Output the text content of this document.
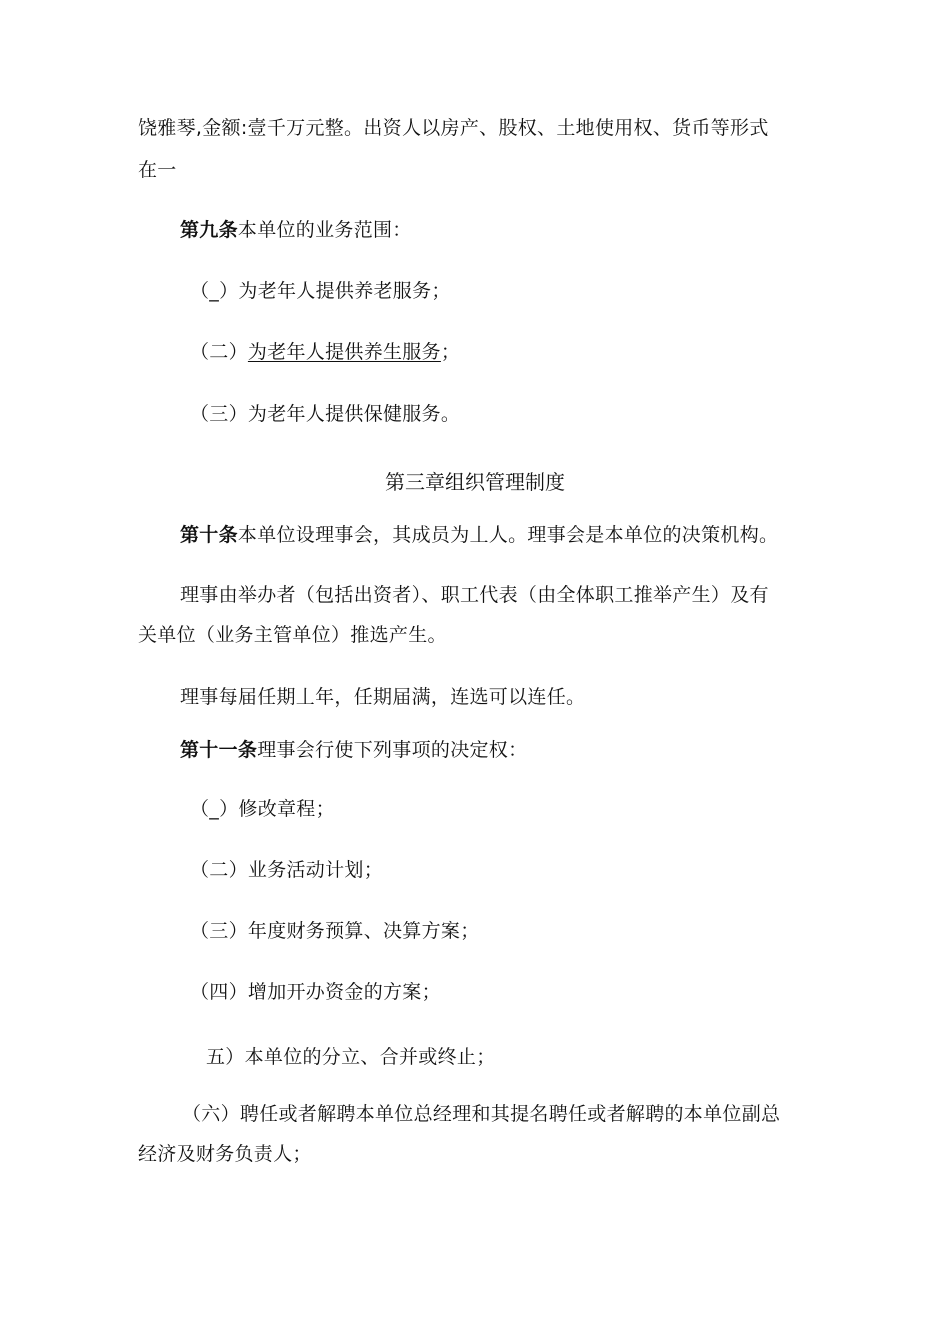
饶雅琴,金额:壹千万元整。出资人以房产、股权、土地使用权、货币等形式
在一
第九条本单位的业务范围：
（_）为老年人提供养老服务；
（二）为老年人提供养生服务；
（三）为老年人提供保健服务。
第三章组织管理制度
第十条本单位设理事会，其成员为丄人。理事会是本单位的决策机构。
理事由举办者（包括出资者）、职工代表（由全体职工推举产生）及有
关单位（业务主管单位）推选产生。
理事每届任期丄年，任期届满，连选可以连任。
第十一条理事会行使下列事项的决定权：
（_）修改章程；
（二）业务活动计划；
（三）年度财务预算、决算方案；
（四）增加开办资金的方案；
五）本单位的分立、合并或终止；
（六）聘任或者解聘本单位总经理和其提名聘任或者解聘的本单位副总
经济及财务负责人；
